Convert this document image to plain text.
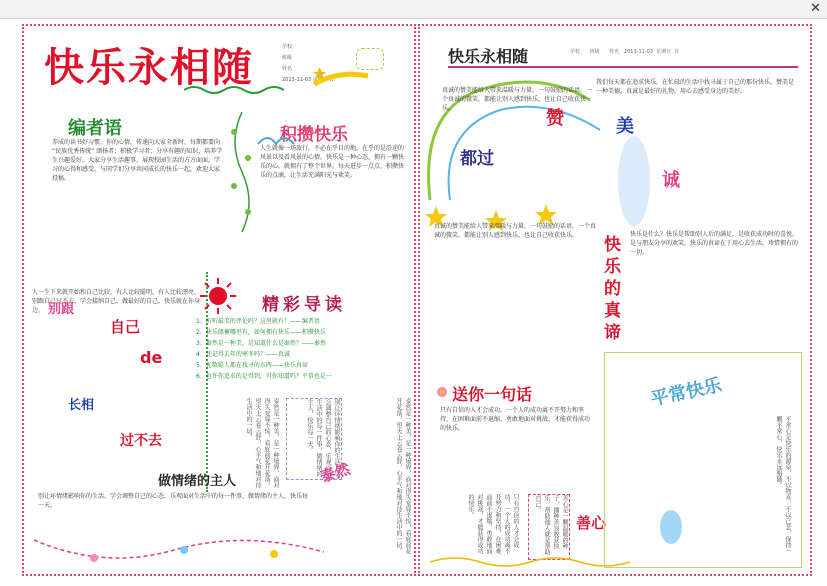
✕
快乐永相随	学校
班级
姓名
2013-11-03 星期日 许
编者语
养成的读书好习惯，你的心情，传递向大家全新时，每期都要向 “民族优秀传统” 颂扬者；积极学习者；分享有趣的知识，培养学生兴趣爱好，大家分享生活趣事，展现校园生活的方方面面，学习的心得和感受，与同学们分享共同成长的快乐一起，欢迎大家投稿。
积攒快乐
人生就像一场旅行，不必在乎目的地，在乎的是沿途的风景以及看风景的心情。快乐是一种心态，拥有一颗快乐的心，就拥有了整个世界。每天进步一点点，积攒快乐的点滴，让生活充满阳光与欢笑。
人一生下来就开始和自己比较，有人比较聪明，有人比较漂亮，别跟自己过不去，学会接纳自己，做最好的自己，快乐就在你身边。 别跟
自己
de
长相
过不去
精彩导读
1．听听最美的评论吗？这里就有！——编者语
2．快乐储蓄哪里有，如何拥有快乐——积攒快乐
3．秦然是一种美，是知道什么是秦然？——秦然
4．还记得去年的寒冬吗？——真诚
5．无数聪人都在找寻的东西——快乐真谛
6．也许你追求的是得到，可你知道吗？平常也是一
泰然是一种美，是一种境界，面对得失宠辱不惊，看庭前花开花落，望天上云卷云舒，心平气和地对待生活中的一切。	别让坏情绪影响你的生活，学会调整自己的心态，乐观面对生活中的每一件事，做情绪的主人，快乐每一天。	泰然是一种美，是一种境界，面对得失宠辱不惊，看庭前花开花落，望天上云卷云舒，心平气和地对待生活中的一切。
泰然
做情绪的主人
别让坏情绪影响你的生活，学会调整自己的心态，乐观面对生活中的每一件事，做情绪的主人，快乐每一天。
快乐永相随	学校 班级 姓名 2013-11-03 星期日 许
真诚的赞美能给人带来温暖与力量，一句鼓励的话语，一个真诚的微笑，都能让别人感到快乐，也让自己收获快乐。	赞	美
诚
都过
我们每天都在追求快乐，在忙碌的生活中找寻属于自己的那份快乐。赞美是一种美德，真诚是最好的礼物，用心去感受身边的美好。
真诚的赞美能给人带来温暖与力量，一句鼓励的话语，一个真诚的微笑，都能让别人感到快乐，也让自己收获快乐。	快乐的真谛
快乐是什么？快乐是帮助别人后的满足，是收获成功时的喜悦，是与朋友分享的欢笑。快乐的真谛在于用心去生活，珍惜拥有的一切。
送你一句话
只有自信的人才会成功，一个人的成功离不开努力和坚持，在困难面前不退缩，勇敢地面对挑战，才能获得成功的快乐。
只有自信的人才会成功，一个人的成功离不开努力和坚持，在困难面前不退缩，勇敢地面对挑战，才能获得成功的快乐。	善心是一颗温暖的种子，播种善良收获快乐，帮助他人就是帮助自己。
善心
平常快乐
平常心是快乐的源泉，不以物喜，不以己悲，保持一颗平常心，快乐永远相随。
